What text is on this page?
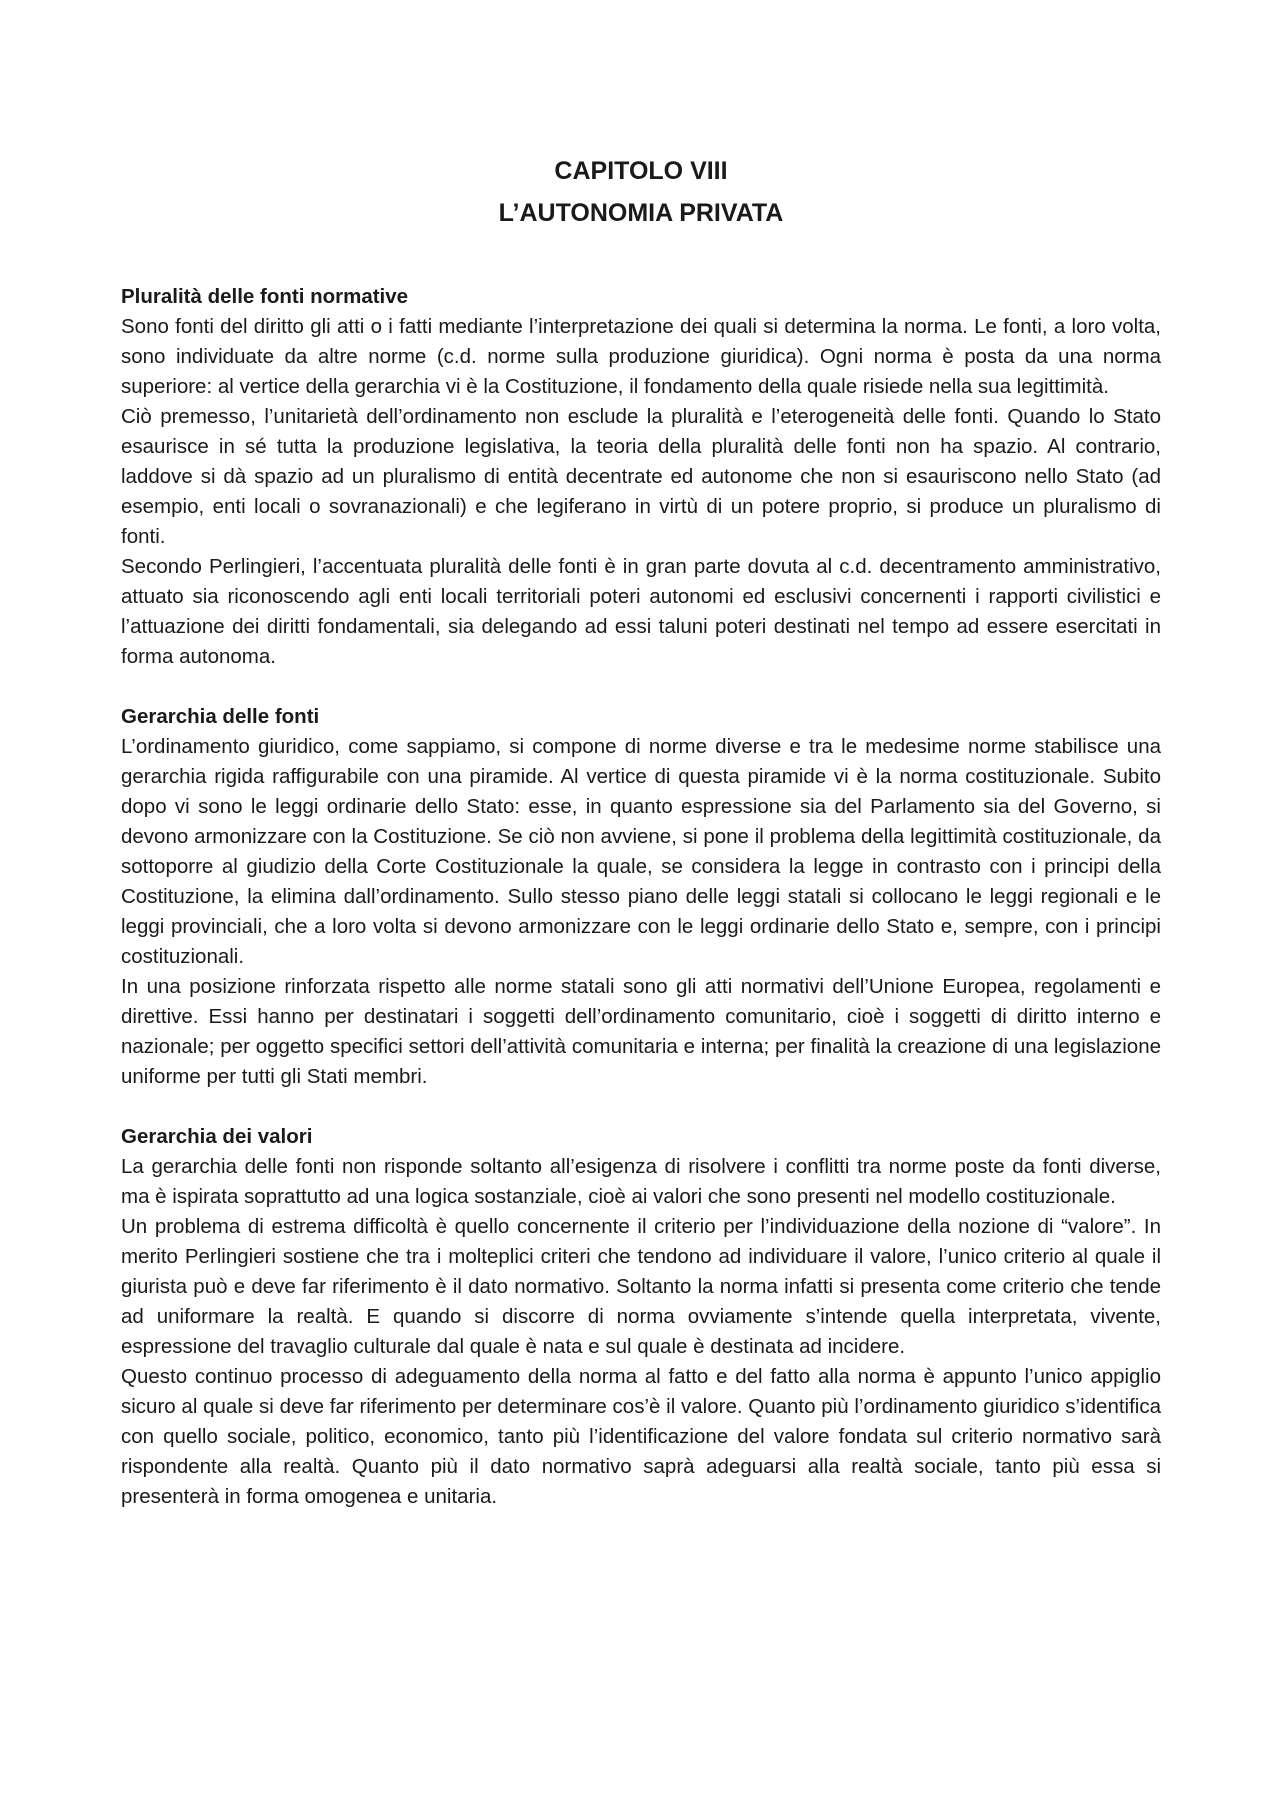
CAPITOLO VIII
L’AUTONOMIA PRIVATA
Pluralità delle fonti normative

Sono fonti del diritto gli atti o i fatti mediante l’interpretazione dei quali si determina la norma. Le fonti, a loro volta, sono individuate da altre norme (c.d. norme sulla produzione giuridica). Ogni norma è posta da una norma superiore: al vertice della gerarchia vi è la Costituzione, il fondamento della quale risiede nella sua legittimità.

Ciò premesso, l’unitarietà dell’ordinamento non esclude la pluralità e l’eterogeneità delle fonti. Quando lo Stato esaurisce in sé tutta la produzione legislativa, la teoria della pluralità delle fonti non ha spazio. Al contrario, laddove si dà spazio ad un pluralismo di entità decentrate ed autonome che non si esauriscono nello Stato (ad esempio, enti locali o sovranazionali) e che legiferano in virtù di un potere proprio, si produce un pluralismo di fonti.

Secondo Perlingieri, l’accentuata pluralità delle fonti è in gran parte dovuta al c.d. decentramento amministrativo, attuato sia riconoscendo agli enti locali territoriali poteri autonomi ed esclusivi concernenti i rapporti civilistici e l’attuazione dei diritti fondamentali, sia delegando ad essi taluni poteri destinati nel tempo ad essere esercitati in forma autonoma.

Gerarchia delle fonti

L’ordinamento giuridico, come sappiamo, si compone di norme diverse e tra le medesime norme stabilisce una gerarchia rigida raffigurabile con una piramide. Al vertice di questa piramide vi è la norma costituzionale. Subito dopo vi sono le leggi ordinarie dello Stato: esse, in quanto espressione sia del Parlamento sia del Governo, si devono armonizzare con la Costituzione. Se ciò non avviene, si pone il problema della legittimità costituzionale, da sottoporre al giudizio della Corte Costituzionale la quale, se considera la legge in contrasto con i principi della Costituzione, la elimina dall’ordinamento. Sullo stesso piano delle leggi statali si collocano le leggi regionali e le leggi provinciali, che a loro volta si devono armonizzare con le leggi ordinarie dello Stato e, sempre, con i principi costituzionali.

In una posizione rinforzata rispetto alle norme statali sono gli atti normativi dell’Unione Europea, regolamenti e direttive. Essi hanno per destinatari i soggetti dell’ordinamento comunitario, cioè i soggetti di diritto interno e nazionale; per oggetto specifici settori dell’attività comunitaria e interna; per finalità la creazione di una legislazione uniforme per tutti gli Stati membri.

Gerarchia dei valori

La gerarchia delle fonti non risponde soltanto all’esigenza di risolvere i conflitti tra norme poste da fonti diverse, ma è ispirata soprattutto ad una logica sostanziale, cioè ai valori che sono presenti nel modello costituzionale.

Un problema di estrema difficoltà è quello concernente il criterio per l’individuazione della nozione di “valore”. In merito Perlingieri sostiene che tra i molteplici criteri che tendono ad individuare il valore, l’unico criterio al quale il giurista può e deve far riferimento è il dato normativo. Soltanto la norma infatti si presenta come criterio che tende ad uniformare la realtà. E quando si discorre di norma ovviamente s’intende quella interpretata, vivente, espressione del travaglio culturale dal quale è nata e sul quale è destinata ad incidere.

Questo continuo processo di adeguamento della norma al fatto e del fatto alla norma è appunto l’unico appiglio sicuro al quale si deve far riferimento per determinare cos’è il valore. Quanto più l’ordinamento giuridico s’identifica con quello sociale, politico, economico, tanto più l’identificazione del valore fondata sul criterio normativo sarà rispondente alla realtà. Quanto più il dato normativo saprà adeguarsi alla realtà sociale, tanto più essa si presenterà in forma omogenea e unitaria.
